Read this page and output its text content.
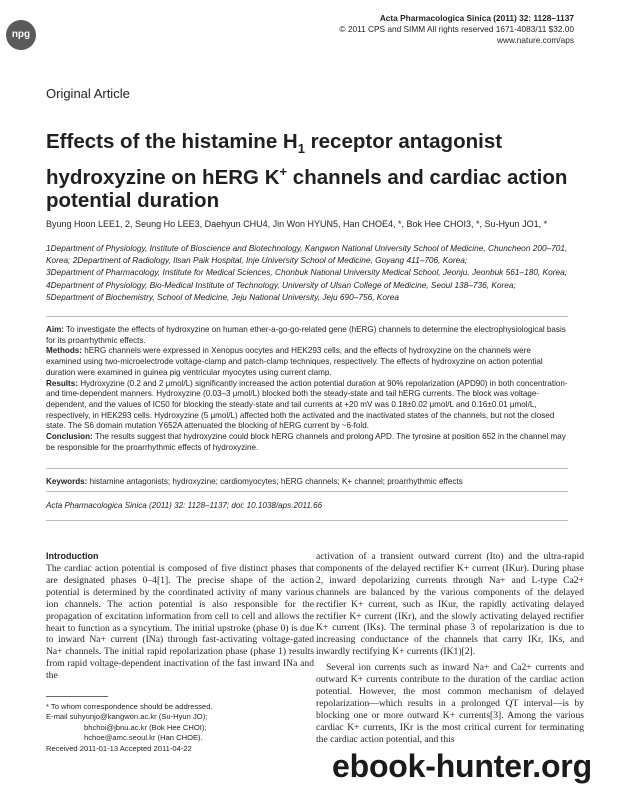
npg
Acta Pharmacologica Sinica (2011) 32: 1128–1137
© 2011 CPS and SIMM All rights reserved 1671-4083/11 $32.00
www.nature.com/aps
Original Article
Effects of the histamine $H_1$ receptor antagonist hydroxyzine on hERG K+ channels and cardiac action potential duration
Byung Hoon LEE1, 2, Seung Ho LEE3, Daehyun CHU4, Jin Won HYUN5, Han CHOE4, *, Bok Hee CHOI3, *, Su-Hyun JO1, *
1Department of Physiology, Institute of Bioscience and Biotechnology, Kangwon National University School of Medicine, Chuncheon 200–701, Korea; 2Department of Radiology, Ilsan Paik Hospital, Inje University School of Medicine, Goyang 411–706, Korea;
3Department of Pharmacology, Institute for Medical Sciences, Chonbuk National University Medical School, Jeonju, Jeonbuk 561–180, Korea; 4Department of Physiology, Bio-Medical Institute of Technology, University of Ulsan College of Medicine, Seoul 138–736, Korea;
5Department of Biochemistry, School of Medicine, Jeju National University, Jeju 690–756, Korea

Aim: To investigate the effects of hydroxyzine on human ether-a-go-go-related gene (hERG) channels to determine the electrophysiological basis for its proarrhythmic effects.

Methods: hERG channels were expressed in Xenopus oocytes and HEK293 cells, and the effects of hydroxyzine on the channels were examined using two-microelectrode voltage-clamp and patch-clamp techniques, respectively. The effects of hydroxyzine on action potential duration were examined in guinea pig ventricular myocytes using current clamp.

Results: Hydroxyzine (0.2 and 2 μmol/L) significantly increased the action potential duration at 90% repolarization (APD90) in both concentration- and time-dependent manners. Hydroxyzine (0.03–3 μmol/L) blocked both the steady-state and tail hERG currents. The block was voltage-dependent, and the values of IC50 for blocking the steady-state and tail currents at +20 mV was 0.18±0.02 μmol/L and 0.16±0.01 μmol/L, respectively, in HEK293 cells. Hydroxyzine (5 μmol/L) affected both the activated and the inactivated states of the channels, but not the closed state. The S6 domain mutation Y652A attenuated the blocking of hERG current by ~6-fold.

Conclusion: The results suggest that hydroxyzine could block hERG channels and prolong APD. The tyrosine at position 652 in the channel may be responsible for the proarrhythmic effects of hydroxyzine.

Keywords: histamine antagonists; hydroxyzine; cardiomyocytes; hERG channels; K+ channel; proarrhythmic effects
Acta Pharmacologica Sinica (2011) 32: 1128–1137; doi: 10.1038/aps.2011.66
Introduction

The cardiac action potential is composed of five distinct phases that are designated phases 0–4[1]. The precise shape of the action potential is determined by the coordinated activity of many various ion channels. The action potential is also responsible for the propagation of excitation information from cell to cell and allows the heart to function as a syncytium. The initial upstroke (phase 0) is due to inward Na+ current (INa) through fast-activating voltage-gated Na+ channels. The initial rapid repolarization phase (phase 1) results from rapid voltage-dependent inactivation of the fast inward INa and the

activation of a transient outward current (Ito) and the ultra-rapid components of the delayed rectifier K+ current (IKur). During phase 2, inward depolarizing currents through Na+ and L-type Ca2+ channels are balanced by the various components of the delayed rectifier K+ current, such as IKur, the rapidly activating delayed rectifier K+ current (IKr), and the slowly activating delayed rectifier K+ current (IKs). The terminal phase 3 of repolarization is due to increasing conductance of the channels that carry IKr, IKs, and inwardly rectifying K+ currents (IK1)[2].

Several ion currents such as inward Na+ and Ca2+ currents and outward K+ currents contribute to the duration of the cardiac action potential. However, the most common mechanism of delayed repolarization—which results in a prolonged QT interval—is by blocking one or more outward K+ currents[3]. Among the various cardiac K+ currents, IKr is the most critical current for terminating the cardiac action potential, and this

* To whom correspondence should be addressed.
E-mail suhyunjo@kangwon.ac.kr (Su-Hyun JO);
bhchoi@jbnu.ac.kr (Bok Hee CHOI);
hchoe@amc.seoul.kr (Han CHOE).
Received 2011-01-13 Accepted 2011-04-22	ebook-hunter.org
